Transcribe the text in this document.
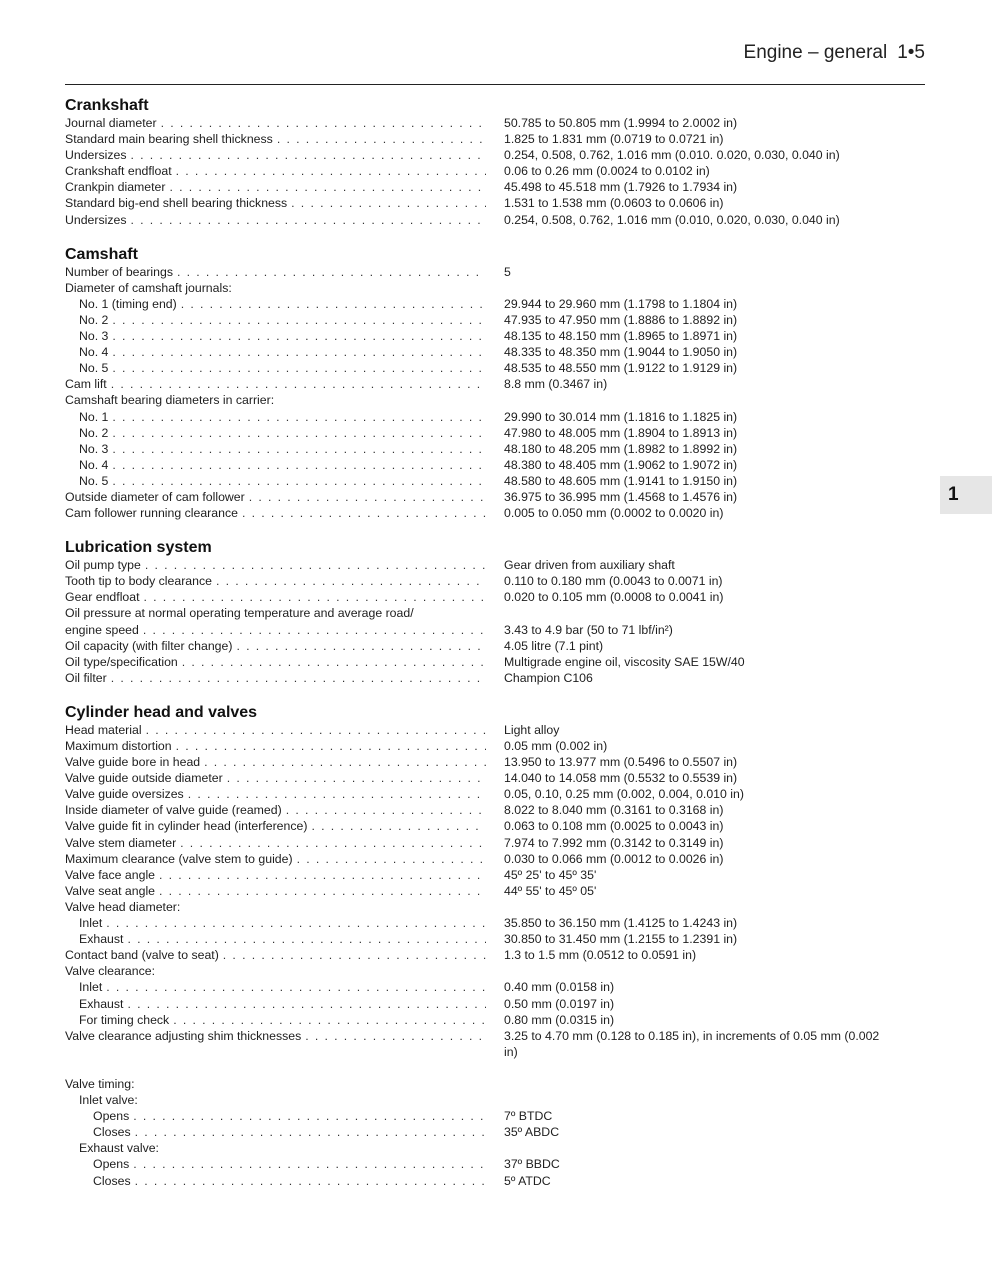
Engine – general 1•5
1
Crankshaft
Journal diameter . . .	50.785 to 50.805 mm (1.9994 to 2.0002 in)
Standard main bearing shell thickness . . .	1.825 to 1.831 mm (0.0719 to 0.0721 in)
Undersizes . . .	0.254, 0.508, 0.762, 1.016 mm (0.010. 0.020, 0.030, 0.040 in)
Crankshaft endfloat . . .	0.06 to 0.26 mm (0.0024 to 0.0102 in)
Crankpin diameter . . .	45.498 to 45.518 mm (1.7926 to 1.7934 in)
Standard big-end shell bearing thickness . . .	1.531 to 1.538 mm (0.0603 to 0.0606 in)
Undersizes . . .	0.254, 0.508, 0.762, 1.016 mm (0.010, 0.020, 0.030, 0.040 in)
Camshaft
Number of bearings . . .	5
Diameter of camshaft journals:
No. 1 (timing end) . . .	29.944 to 29.960 mm (1.1798 to 1.1804 in)
No. 2 . . .	47.935 to 47.950 mm (1.8886 to 1.8892 in)
No. 3 . . .	48.135 to 48.150 mm (1.8965 to 1.8971 in)
No. 4 . . .	48.335 to 48.350 mm (1.9044 to 1.9050 in)
No. 5 . . .	48.535 to 48.550 mm (1.9122 to 1.9129 in)
Cam lift . . .	8.8 mm (0.3467 in)
Camshaft bearing diameters in carrier:
No. 1 . . .	29.990 to 30.014 mm (1.1816 to 1.1825 in)
No. 2 . . .	47.980 to 48.005 mm (1.8904 to 1.8913 in)
No. 3 . . .	48.180 to 48.205 mm (1.8982 to 1.8992 in)
No. 4 . . .	48.380 to 48.405 mm (1.9062 to 1.9072 in)
No. 5 . . .	48.580 to 48.605 mm (1.9141 to 1.9150 in)
Outside diameter of cam follower . . .	36.975 to 36.995 mm (1.4568 to 1.4576 in)
Cam follower running clearance . . .	0.005 to 0.050 mm (0.0002 to 0.0020 in)
Lubrication system
Oil pump type . . .	Gear driven from auxiliary shaft
Tooth tip to body clearance . . .	0.110 to 0.180 mm (0.0043 to 0.0071 in)
Gear endfloat . . .	0.020 to 0.105 mm (0.0008 to 0.0041 in)
Oil pressure at normal operating temperature and average road/
engine speed . . .	3.43 to 4.9 bar (50 to 71 lbf/in²)
Oil capacity (with filter change) . . .	4.05 litre (7.1 pint)
Oil type/specification . . .	Multigrade engine oil, viscosity SAE 15W/40
Oil filter . . .	Champion C106
Cylinder head and valves
Head material . . .	Light alloy
Maximum distortion . . .	0.05 mm (0.002 in)
Valve guide bore in head . . .	13.950 to 13.977 mm (0.5496 to 0.5507 in)
Valve guide outside diameter . . .	14.040 to 14.058 mm (0.5532 to 0.5539 in)
Valve guide oversizes . . .	0.05, 0.10, 0.25 mm (0.002, 0.004, 0.010 in)
Inside diameter of valve guide (reamed) . . .	8.022 to 8.040 mm (0.3161 to 0.3168 in)
Valve guide fit in cylinder head (interference) . . .	0.063 to 0.108 mm (0.0025 to 0.0043 in)
Valve stem diameter . . .	7.974 to 7.992 mm (0.3142 to 0.3149 in)
Maximum clearance (valve stem to guide) . . .	0.030 to 0.066 mm (0.0012 to 0.0026 in)
Valve face angle . . .	45º 25' to 45º 35'
Valve seat angle . . .	44º 55' to 45º 05'
Valve head diameter:
Inlet . . .	35.850 to 36.150 mm (1.4125 to 1.4243 in)
Exhaust . . .	30.850 to 31.450 mm (1.2155 to 1.2391 in)
Contact band (valve to seat) . . .	1.3 to 1.5 mm (0.0512 to 0.0591 in)
Valve clearance:
Inlet . . .	0.40 mm (0.0158 in)
Exhaust . . .	0.50 mm (0.0197 in)
For timing check . . .	0.80 mm (0.0315 in)
Valve clearance adjusting shim thicknesses . . .	3.25 to 4.70 mm (0.128 to 0.185 in), in increments of 0.05 mm (0.002 in)
Valve timing:
Inlet valve:
Opens . . .	7º BTDC
Closes . . .	35º ABDC
Exhaust valve:
Opens . . .	37º BBDC
Closes . . .	5º ATDC
